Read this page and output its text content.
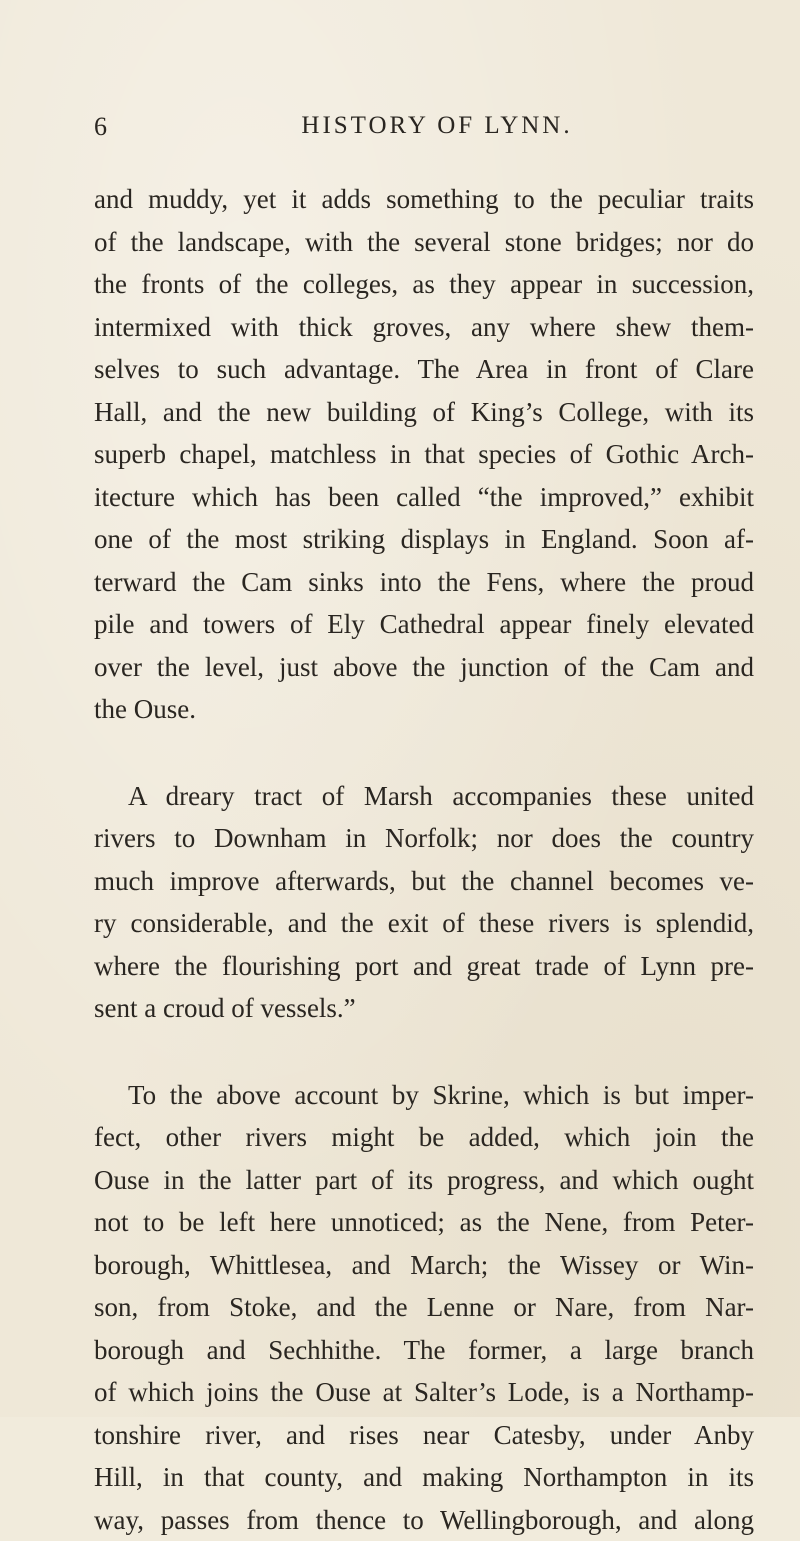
6	HISTORY OF LYNN.
and muddy, yet it adds something to the peculiar traits
of the landscape, with the several stone bridges; nor do
the fronts of the colleges, as they appear in succession,
intermixed with thick groves, any where shew them-
selves to such advantage. The Area in front of Clare
Hall, and the new building of King’s College, with its
superb chapel, matchless in that species of Gothic Arch-
itecture which has been called “the improved,” exhibit
one of the most striking displays in England. Soon af-
terward the Cam sinks into the Fens, where the proud
pile and towers of Ely Cathedral appear finely elevated
over the level, just above the junction of the Cam and
the Ouse.
A dreary tract of Marsh accompanies these united
rivers to Downham in Norfolk; nor does the country
much improve afterwards, but the channel becomes ve-
ry considerable, and the exit of these rivers is splendid,
where the flourishing port and great trade of Lynn pre-
sent a croud of vessels.”
To the above account by Skrine, which is but imper-
fect, other rivers might be added, which join the
Ouse in the latter part of its progress, and which ought
not to be left here unnoticed; as the Nene, from Peter-
borough, Whittlesea, and March; the Wissey or Win-
son, from Stoke, and the Lenne or Nare, from Nar-
borough and Sechhithe. The former, a large branch
of which joins the Ouse at Salter’s Lode, is a Northamp-
tonshire river, and rises near Catesby, under Anby
Hill, in that county, and making Northampton in its
way, passes from thence to Wellingborough, and along
